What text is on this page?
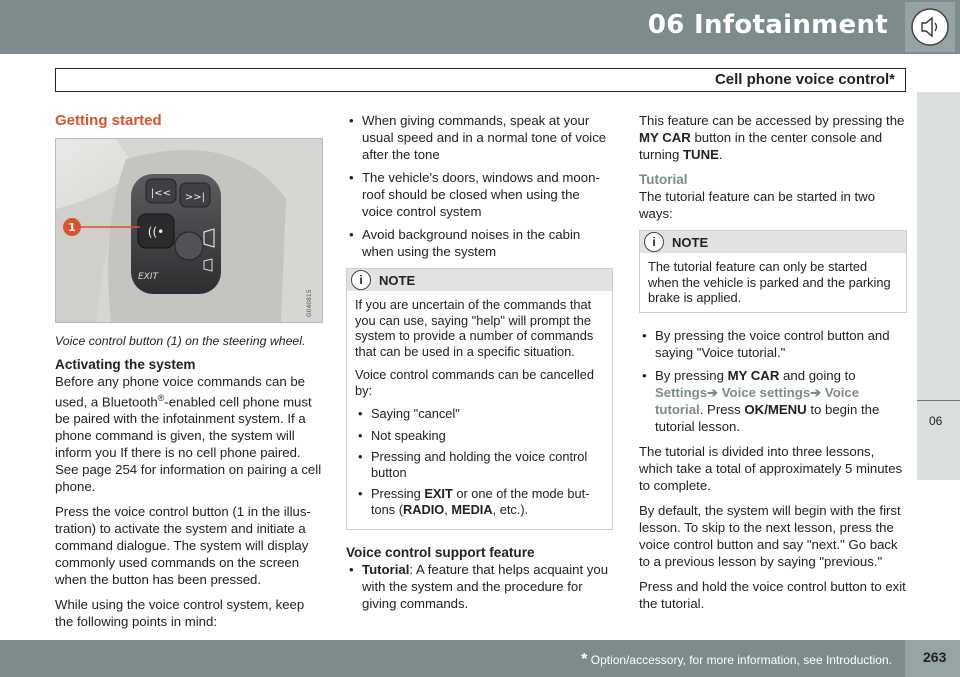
06 Infotainment
Cell phone voice control*
06
Getting started
|<< >>|
((•
EXIT
1
G040815

Voice control button (1) on the steering wheel.

Activating the system

Before any phone voice commands can be used, a Bluetooth®-enabled cell phone must be paired with the infotainment system. If a phone command is given, the system will inform you If there is no cell phone paired. See page 254 for information on pairing a cell phone.

Press the voice control button (1 in the illustration) to activate the system and initiate a command dialogue. The system will display commonly used commands on the screen when the button has been pressed.

While using the voice control system, keep the following points in mind:

• When giving commands, speak at your usual speed and in a normal tone of voice after the tone
• The vehicle's doors, windows and moonroof should be closed when using the voice control system
• Avoid background noises in the cabin when using the system
i	NOTE

If you are uncertain of the commands that you can use, saying "help" will prompt the system to provide a number of commands that can be used in a specific situation.

Voice control commands can be cancelled by:

• Saying "cancel"
• Not speaking
• Pressing and holding the voice control button
• Pressing EXIT or one of the mode buttons (RADIO, MEDIA, etc.).
Voice control support feature
• Tutorial: A feature that helps acquaint you with the system and the procedure for giving commands.

This feature can be accessed by pressing the MY CAR button in the center console and turning TUNE.

Tutorial

The tutorial feature can be started in two ways:

i	NOTE

The tutorial feature can only be started when the vehicle is parked and the parking brake is applied.

• By pressing the voice control button and saying "Voice tutorial."
• By pressing MY CAR and going to Settings➔ Voice settings➔ Voice tutorial. Press OK/MENU to begin the tutorial lesson.

The tutorial is divided into three lessons, which take a total of approximately 5 minutes to complete.

By default, the system will begin with the first lesson. To skip to the next lesson, press the voice control button and say "next." Go back to a previous lesson by saying "previous."

Press and hold the voice control button to exit the tutorial.

* Option/accessory, for more information, see Introduction. 263
